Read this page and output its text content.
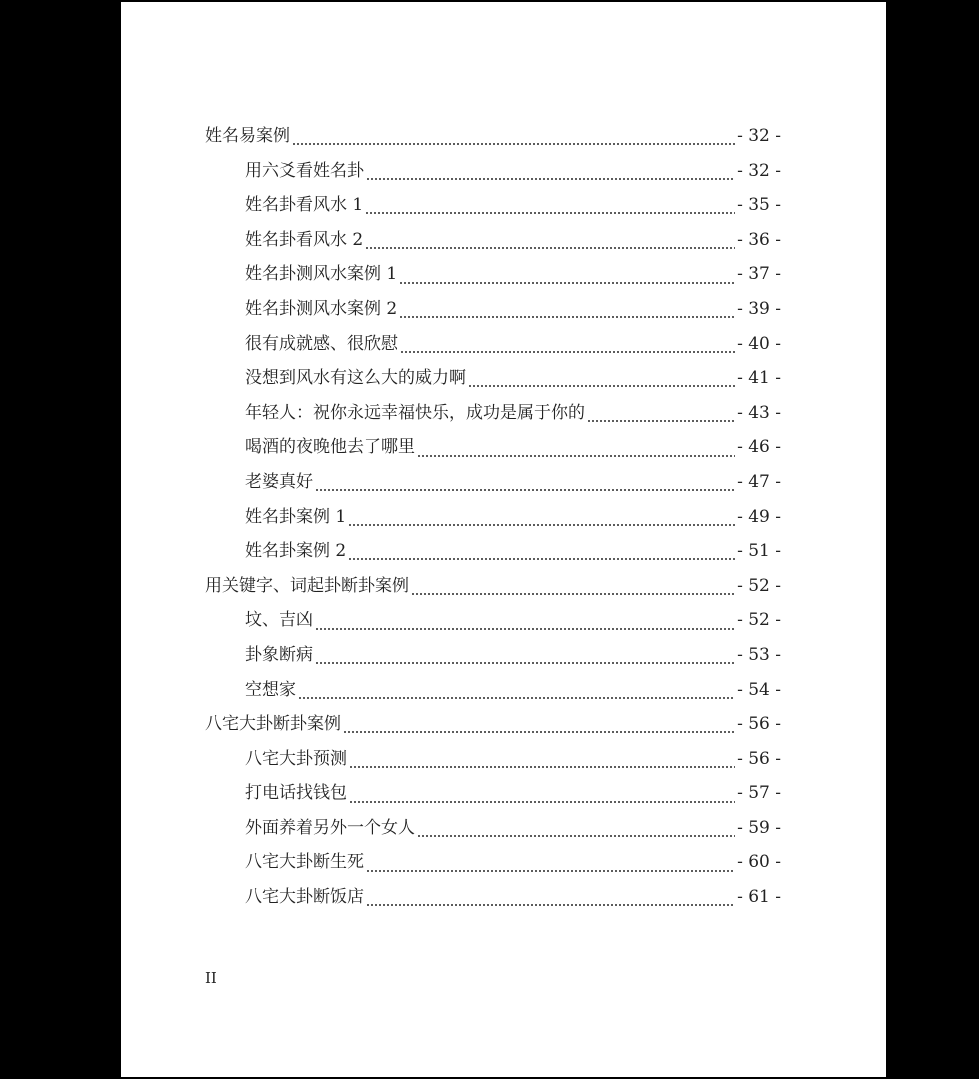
姓名易案例	- 32 -
用六爻看姓名卦	- 32 -
姓名卦看风水 1	- 35 -
姓名卦看风水 2	- 36 -
姓名卦测风水案例 1	- 37 -
姓名卦测风水案例 2	- 39 -
很有成就感、很欣慰	- 40 -
没想到风水有这么大的威力啊	- 41 -
年轻人：祝你永远幸福快乐，成功是属于你的	- 43 -
喝酒的夜晚他去了哪里	- 46 -
老婆真好	- 47 -
姓名卦案例 1	- 49 -
姓名卦案例 2	- 51 -
用关键字、词起卦断卦案例	- 52 -
坟、吉凶	- 52 -
卦象断病	- 53 -
空想家	- 54 -
八宅大卦断卦案例	- 56 -
八宅大卦预测	- 56 -
打电话找钱包	- 57 -
外面养着另外一个女人	- 59 -
八宅大卦断生死	- 60 -
八宅大卦断饭店	- 61 -
II
